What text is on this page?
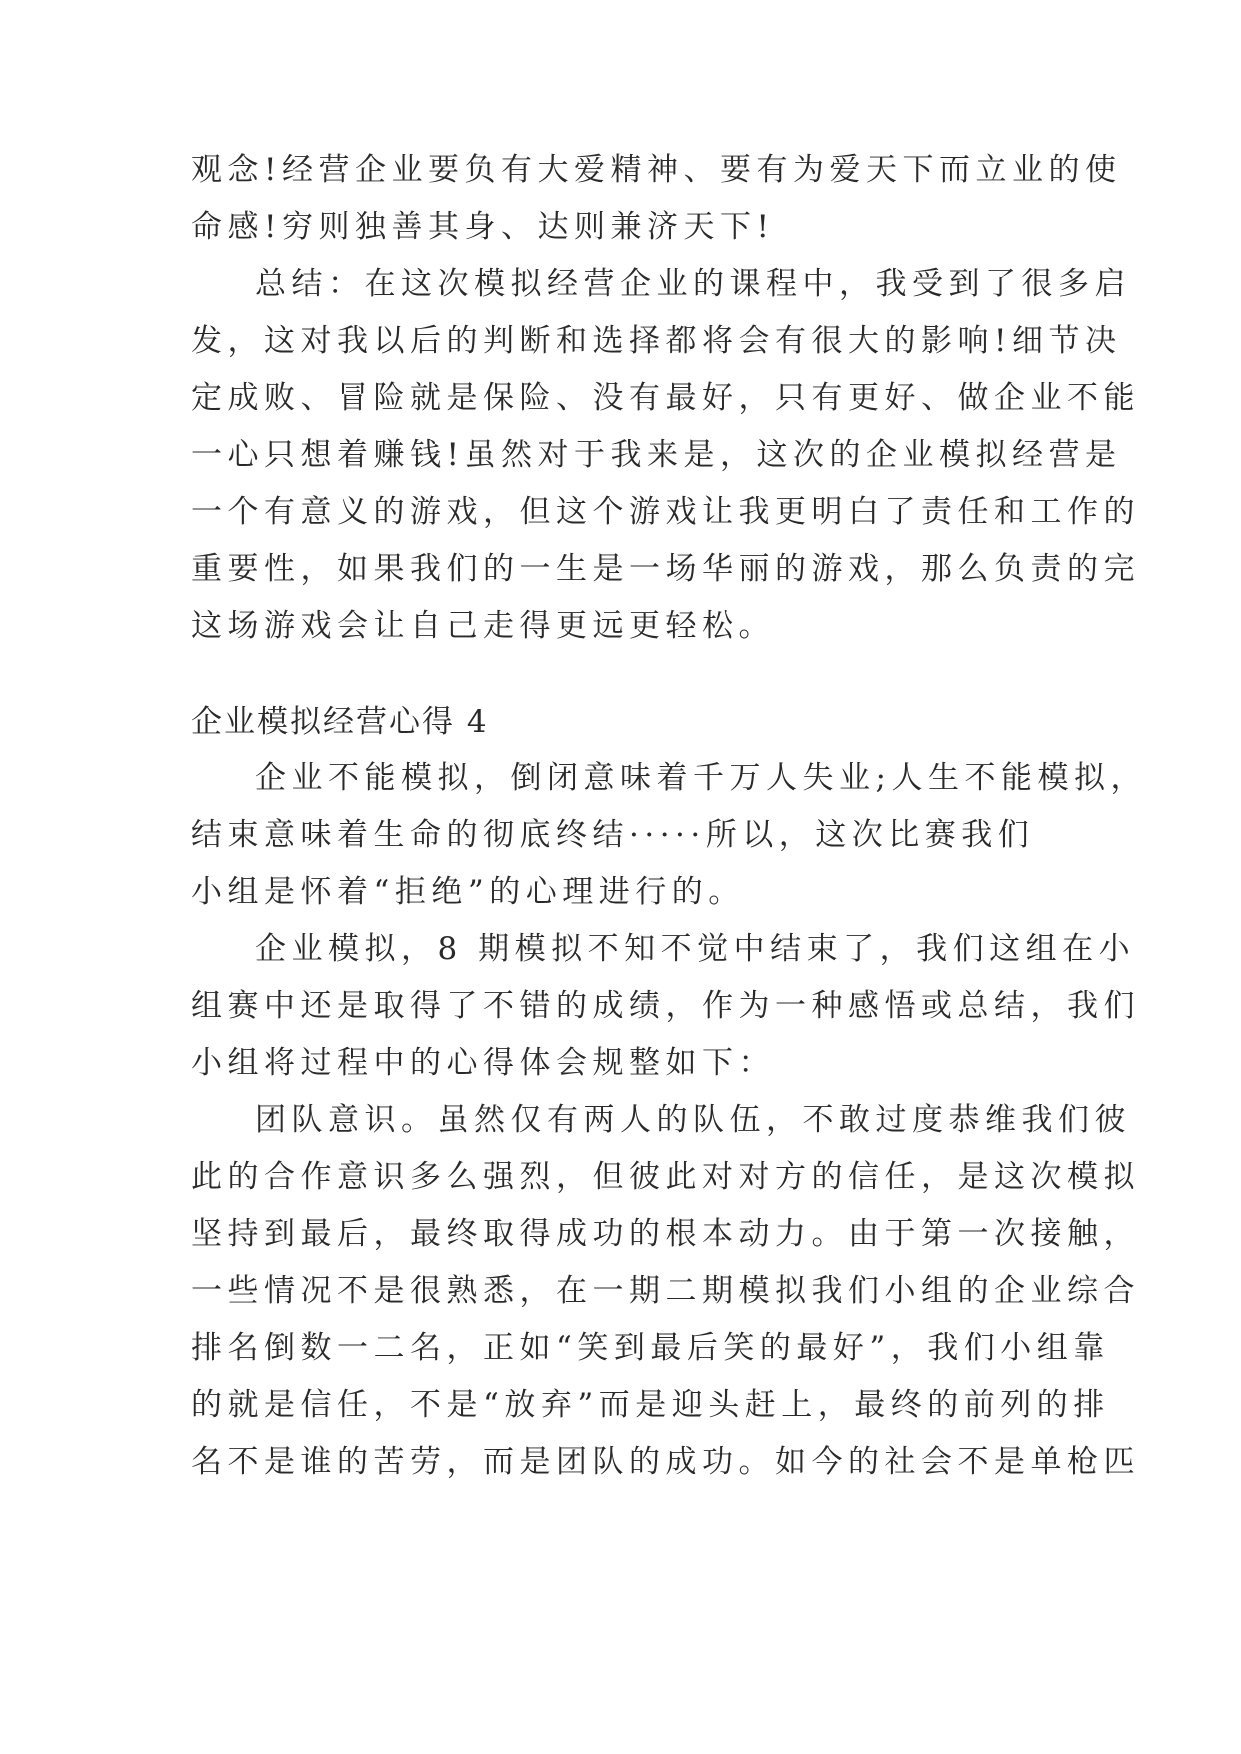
观念!经营企业要负有大爱精神、要有为爱天下而立业的使
命感!穷则独善其身、达则兼济天下!
总结：在这次模拟经营企业的课程中，我受到了很多启
发，这对我以后的判断和选择都将会有很大的影响!细节决
定成败、冒险就是保险、没有最好，只有更好、做企业不能
一心只想着赚钱!虽然对于我来是，这次的企业模拟经营是
一个有意义的游戏，但这个游戏让我更明白了责任和工作的
重要性，如果我们的一生是一场华丽的游戏，那么负责的完
这场游戏会让自己走得更远更轻松。
企业模拟经营心得 4
企业不能模拟，倒闭意味着千万人失业;人生不能模拟，
结束意味着生命的彻底终结·····所以，这次比赛我们
小组是怀着“拒绝”的心理进行的。
企业模拟，8 期模拟不知不觉中结束了，我们这组在小
组赛中还是取得了不错的成绩，作为一种感悟或总结，我们
小组将过程中的心得体会规整如下：
团队意识。虽然仅有两人的队伍，不敢过度恭维我们彼
此的合作意识多么强烈，但彼此对对方的信任，是这次模拟
坚持到最后，最终取得成功的根本动力。由于第一次接触，
一些情况不是很熟悉，在一期二期模拟我们小组的企业综合
排名倒数一二名，正如“笑到最后笑的最好”，我们小组靠
的就是信任，不是“放弃”而是迎头赶上，最终的前列的排
名不是谁的苦劳，而是团队的成功。如今的社会不是单枪匹
